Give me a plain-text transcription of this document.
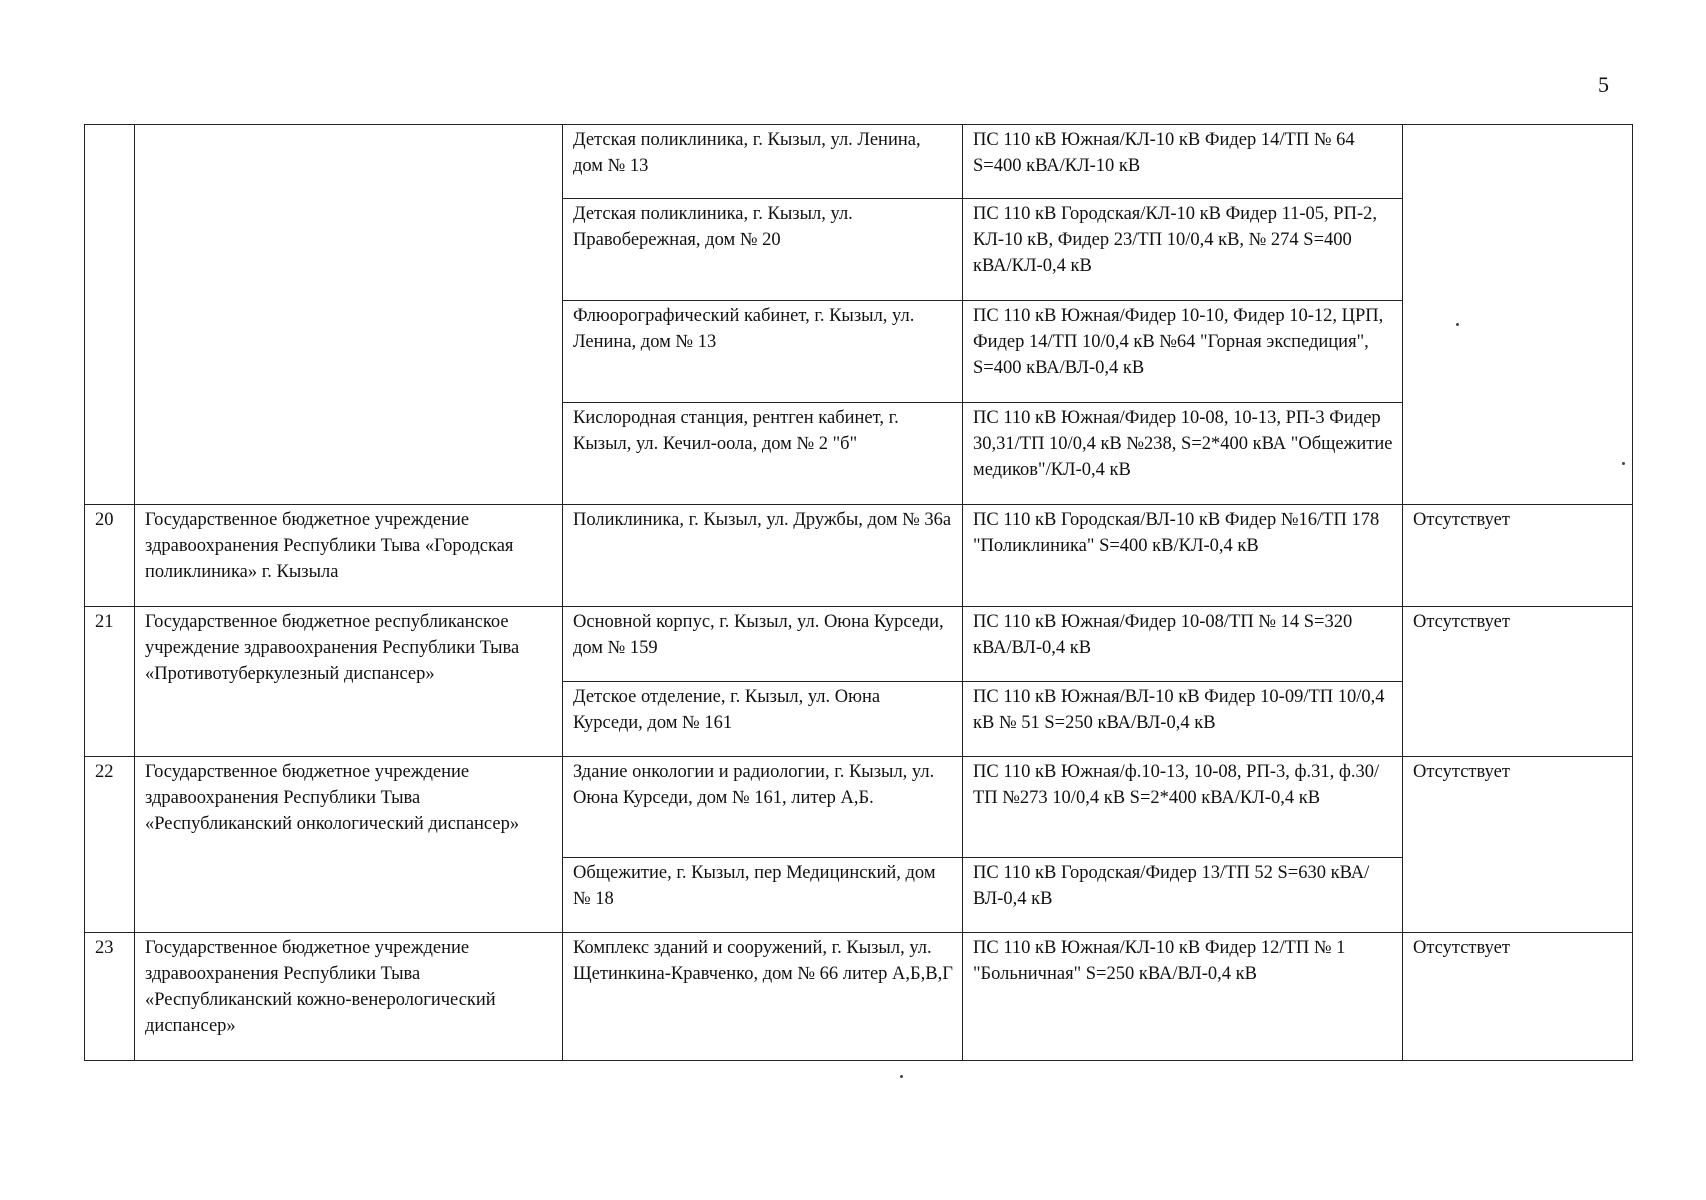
5
		Детская поликлиника, г. Кызыл, ул. Ленина, дом № 13	ПС 110 кВ Южная/КЛ-10 кВ Фидер 14/ТП № 64 S=400 кВА/КЛ-10 кВ	
		Детская поликлиника, г. Кызыл, ул. Правобережная, дом № 20	ПС 110 кВ Городская/КЛ-10 кВ Фидер 11-05, РП-2, КЛ-10 кВ, Фидер 23/ТП 10/0,4 кВ, № 274 S=400 кВА/КЛ-0,4 кВ	
		Флюорографический кабинет, г. Кызыл, ул. Ленина, дом № 13	ПС 110 кВ Южная/Фидер 10-10, Фидер 10-12, ЦРП, Фидер 14/ТП 10/0,4 кВ №64 "Горная экспедиция", S=400 кВА/ВЛ-0,4 кВ	
		Кислородная станция, рентген кабинет, г. Кызыл, ул. Кечил-оола, дом № 2 "б"	ПС 110 кВ Южная/Фидер 10-08, 10-13, РП-3 Фидер 30,31/ТП 10/0,4 кВ №238, S=2*400 кВА "Общежитие медиков"/КЛ-0,4 кВ	
20	Государственное бюджетное учреждение здравоохранения Республики Тыва «Городская поликлиника» г. Кызыла	Поликлиника, г. Кызыл, ул. Дружбы, дом № 36а	ПС 110 кВ Городская/ВЛ-10 кВ Фидер №16/ТП 178 "Поликлиника" S=400 кВ/КЛ-0,4 кВ	Отсутствует
21	Государственное бюджетное республиканское учреждение здравоохранения Республики Тыва «Противотуберкулезный диспансер»	Основной корпус, г. Кызыл, ул. Оюна Курседи, дом № 159	ПС 110 кВ Южная/Фидер 10-08/ТП № 14 S=320 кВА/ВЛ-0,4 кВ	Отсутствует
		Детское отделение, г. Кызыл, ул. Оюна Курседи, дом № 161	ПС 110 кВ Южная/ВЛ-10 кВ Фидер 10-09/ТП 10/0,4 кВ № 51 S=250 кВА/ВЛ-0,4 кВ	
22	Государственное бюджетное учреждение здравоохранения Республики Тыва «Республиканский онкологический диспансер»	Здание онкологии и радиологии, г. Кызыл, ул. Оюна Курседи, дом № 161, литер А,Б.	ПС 110 кВ Южная/ф.10-13, 10-08, РП-3, ф.31, ф.30/ТП №273 10/0,4 кВ S=2*400 кВА/КЛ-0,4 кВ	Отсутствует
		Общежитие, г. Кызыл, пер Медицинский, дом № 18	ПС 110 кВ Городская/Фидер 13/ТП 52 S=630 кВА/ВЛ-0,4 кВ	
23	Государственное бюджетное учреждение здравоохранения Республики Тыва «Республиканский кожно-венерологический диспансер»	Комплекс зданий и сооружений, г. Кызыл, ул. Щетинкина-Кравченко, дом № 66 литер А,Б,В,Г	ПС 110 кВ Южная/КЛ-10 кВ Фидер 12/ТП № 1 "Больничная" S=250 кВА/ВЛ-0,4 кВ	Отсутствует
